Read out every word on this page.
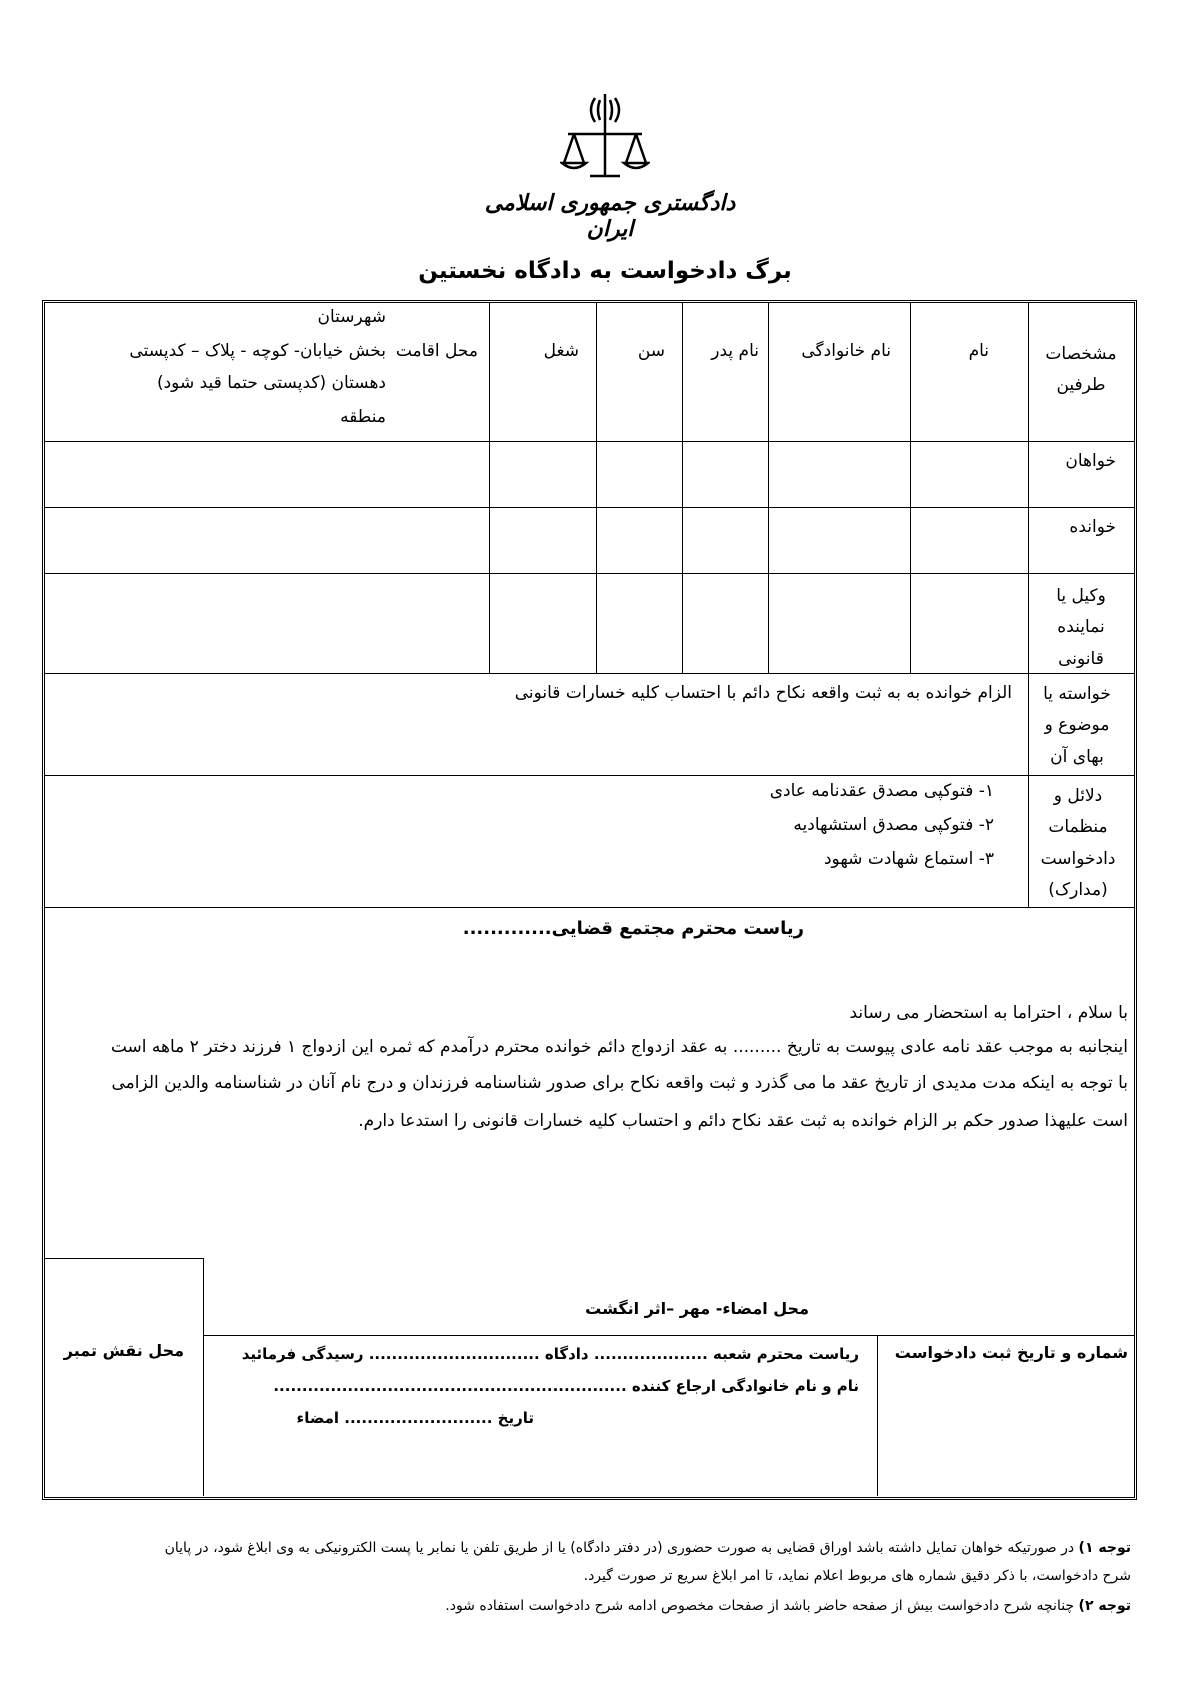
دادگستری جمهوری اسلامی ایران
برگ دادخواست به دادگاه نخستین
مشخصات طرفین
نام
نام خانوادگی
نام پدر
سن
شغل
محل اقامت
شهرستان
بخش خیابان- کوچه - پلاک – کدپستی
دهستان (کدپستی حتما قید شود)
منطقه
خواهان
خوانده
وکیل یا نماینده قانونی
خواسته یا موضوع و بهای آن
الزام خوانده به به ثبت واقعه نکاح دائم با احتساب کلیه خسارات قانونی
دلائل و منظمات دادخواست (مدارک)
۱- فتوکپی مصدق عقدنامه عادی
۲- فتوکپی مصدق استشهادیه
۳- استماع شهادت شهود
ریاست محترم مجتمع قضایی.............
با سلام ، احتراما به استحضار می رساند
اینجانبه به موجب عقد نامه عادی پیوست به تاریخ ......... به عقد ازدواج دائم خوانده محترم درآمدم که ثمره این ازدواج ۱ فرزند دختر ۲ ماهه است
با توجه به اینکه مدت مدیدی از تاریخ عقد ما می گذرد و ثبت واقعه نکاح برای صدور شناسنامه فرزندان و درج نام آنان در شناسنامه والدین الزامی
است علیهذا صدور حکم بر الزام خوانده به ثبت عقد نکاح دائم و احتساب کلیه خسارات قانونی را استدعا دارم.
محل امضاء- مهر –اثر انگشت
شماره و تاریخ ثبت دادخواست
ریاست محترم شعبه .................... دادگاه .............................. رسیدگی فرمائید
نام و نام خانوادگی ارجاع کننده ..............................................................
تاریخ .......................... امضاء
محل نقش تمبر
توجه ۱) در صورتیکه خواهان تمایل داشته باشد اوراق قضایی به صورت حضوری (در دفتر دادگاه) یا از طریق تلفن یا نمابر یا پست الکترونیکی به وی ابلاغ شود، در پایان
شرح دادخواست، با ذکر دقیق شماره های مربوط اعلام نماید، تا امر ابلاغ سریع تر صورت گیرد.
توجه ۲) چنانچه شرح دادخواست بیش از صفحه حاضر باشد از صفحات مخصوص ادامه شرح دادخواست استفاده شود.
